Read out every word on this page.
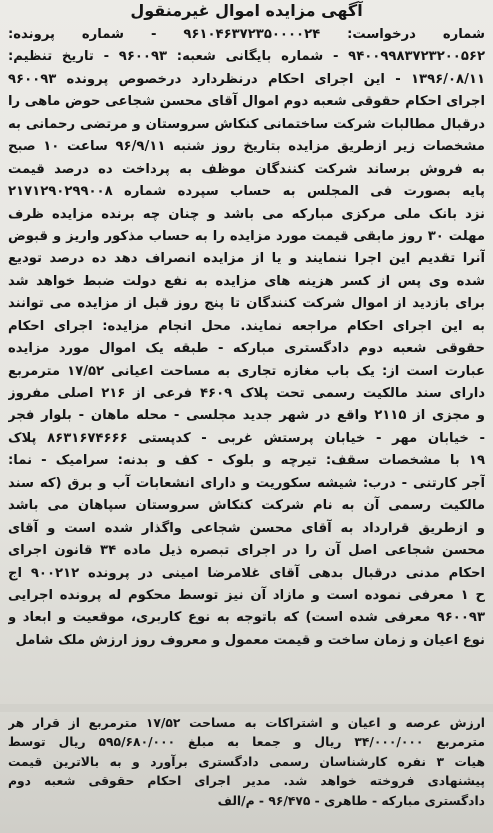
آگهی مزایده اموال غیرمنقول
شماره درخواست: ۹۶۱۰۴۶۳۷۲۳۵۰۰۰۰۲۴ - شماره پرونده:
۹۴۰۰۹۹۸۳۷۲۳۲۰۰۵۶۲ - شماره بایگانی شعبه: ۹۶۰۰۹۳ - تاریخ تنظیم:
۱۳۹۶/۰۸/۱۱ - این اجرای احکام درنظردارد درخصوص پرونده ۹۶۰۰۹۳
اجرای احکام حقوقی شعبه دوم اموال آقای محسن شجاعی حوض ماهی را
درقبال مطالبات شرکت ساختمانی کنکاش سروستان و مرتضی رحمانی به
مشخصات زیر ازطریق مزایده بتاریخ روز شنبه ۹۶/۹/۱۱ ساعت ۱۰ صبح
به فروش برساند شرکت کنندگان موظف به پرداخت ده درصد قیمت
پایه بصورت فی المجلس به حساب سپرده شماره ۲۱۷۱۲۹۰۲۹۹۰۰۸
نزد بانک ملی مرکزی مبارکه می باشد و چنان چه برنده مزایده ظرف
مهلت ۳۰ روز مابقی قیمت مورد مزایده را به حساب مذکور واریز و قبوض
آنرا تقدیم این اجرا ننمایند و یا از مزایده انصراف دهد ده درصد تودیع
شده وی پس از کسر هزینه های مزایده به نفع دولت ضبط خواهد شد
برای بازدید از اموال شرکت کنندگان تا پنج روز قبل از مزایده می توانند
به این اجرای احکام مراجعه نمایند. محل انجام مزایده: اجرای احکام
حقوقی شعبه دوم دادگستری مبارکه - طبقه یک اموال مورد مزایده
عبارت است از: یک باب مغازه تجاری به مساحت اعیانی ۱۷/۵۲ مترمربع
دارای سند مالکیت رسمی تحت پلاک ۴۶۰۹ فرعی از ۲۱۶ اصلی مفروز
و مجزی از ۲۱۱۵ واقع در شهر جدید مجلسی - محله ماهان - بلوار فجر
- خیابان مهر - خیابان پرستش غربی - کدپستی ۸۶۳۱۶۷۴۶۶۶ پلاک
۱۹ با مشخصات سقف: تیرچه و بلوک - کف و بدنه: سرامیک - نما:
آجر کارتنی - درب: شیشه سکوریت و دارای انشعابات آب و برق (که سند
مالکیت رسمی آن به نام شرکت کنکاش سروستان سپاهان می باشد
و ازطریق قرارداد به آقای محسن شجاعی واگذار شده است و آقای
محسن شجاعی اصل آن را در اجرای تبصره ذیل ماده ۳۴ قانون اجرای
احکام مدنی درقبال بدهی آقای غلامرضا امینی در پرونده ۹۰۰۲۱۲ اج
ح ۱ معرفی نموده است و مازاد آن نیز توسط محکوم له پرونده اجرایی
۹۶۰۰۹۳ معرفی شده است) که باتوجه به نوع کاربری، موقعیت و ابعاد و
نوع اعیان و زمان ساخت و قیمت معمول و معروف روز ارزش ملک شامل
ارزش عرصه و اعیان و اشتراکات به مساحت ۱۷/۵۲ مترمربع از قرار هر
مترمربع ۳۴/۰۰۰/۰۰۰ ریال و جمعا به مبلغ ۵۹۵/۶۸۰/۰۰۰ ریال توسط
هیات ۳ نفره کارشناسان رسمی دادگستری برآورد و به بالاترین قیمت
پیشنهادی فروخته خواهد شد. مدیر اجرای احکام حقوقی شعبه دوم
دادگستری مبارکه - طاهری - ۹۶/۴۷۵ - م/الف
